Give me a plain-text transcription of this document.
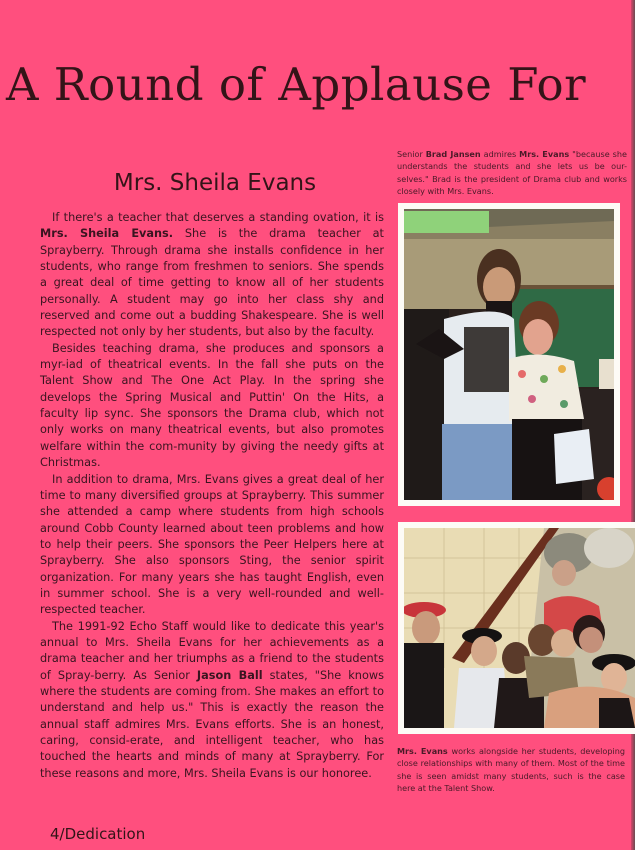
A Round of Applause For
Mrs. Sheila Evans

If there's a teacher that deserves a standing ovation, it is Mrs. Sheila Evans. She is the drama teacher at Sprayberry. Through drama she installs confidence in her students, who range from freshmen to seniors. She spends a great deal of time getting to know all of her students personally. A student may go into her class shy and reserved and come out a budding Shakespeare. She is well respected not only by her students, but also by the faculty.

Besides teaching drama, she produces and sponsors a myr-iad of theatrical events. In the fall she puts on the Talent Show and The One Act Play. In the spring she develops the Spring Musical and Puttin' On the Hits, a faculty lip sync. She sponsors the Drama club, which not only works on many theatrical events, but also promotes welfare within the com-munity by giving the needy gifts at Christmas.

In addition to drama, Mrs. Evans gives a great deal of her time to many diversified groups at Sprayberry. This summer she attended a camp where students from high schools around Cobb County learned about teen problems and how to help their peers. She sponsors the Peer Helpers here at Sprayberry. She also sponsors Sting, the senior spirit organization. For many years she has taught English, even in summer school. She is a very well-rounded and well-respected teacher.

The 1991-92 Echo Staff would like to dedicate this year's annual to Mrs. Sheila Evans for her achievements as a drama teacher and her triumphs as a friend to the students of Spray-berry. As Senior Jason Ball states, "She knows where the students are coming from. She makes an effort to understand and help us." This is exactly the reason the annual staff admires Mrs. Evans efforts. She is an honest, caring, consid-erate, and intelligent teacher, who has touched the hearts and minds of many at Sprayberry. For these reasons and more, Mrs. Sheila Evans is our honoree.

Senior Brad Jansen admires Mrs. Evans "because she understands the students and she lets us be our-selves." Brad is the president of Drama club and works closely with Mrs. Evans.
Mrs. Evans works alongside her students, developing close relationships with many of them. Most of the time she is seen amidst many students, such is the case here at the Talent Show.
4/Dedication
